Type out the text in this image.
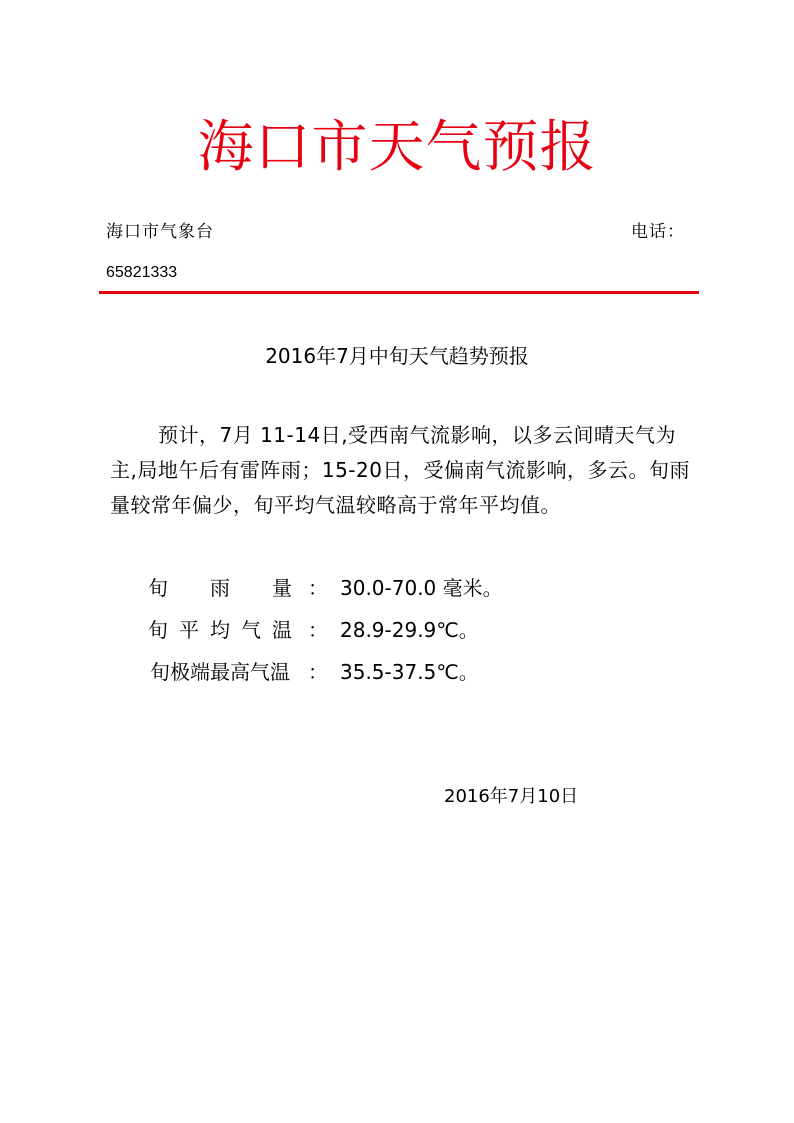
海口市天气预报
海口市气象台	电话：
65821333
2016年7月中旬天气趋势预报
预计，7月 11-14日,受西南气流影响，以多云间晴天气为主,局地午后有雷阵雨；15-20日，受偏南气流影响，多云。旬雨量较常年偏少，旬平均气温较略高于常年平均值。
旬 雨 量 ： 30.0-70.0 毫米。
旬 平 均 气 温 ： 28.9-29.9℃。
旬极端最高气温 ： 35.5-37.5℃。
2016年7月10日
